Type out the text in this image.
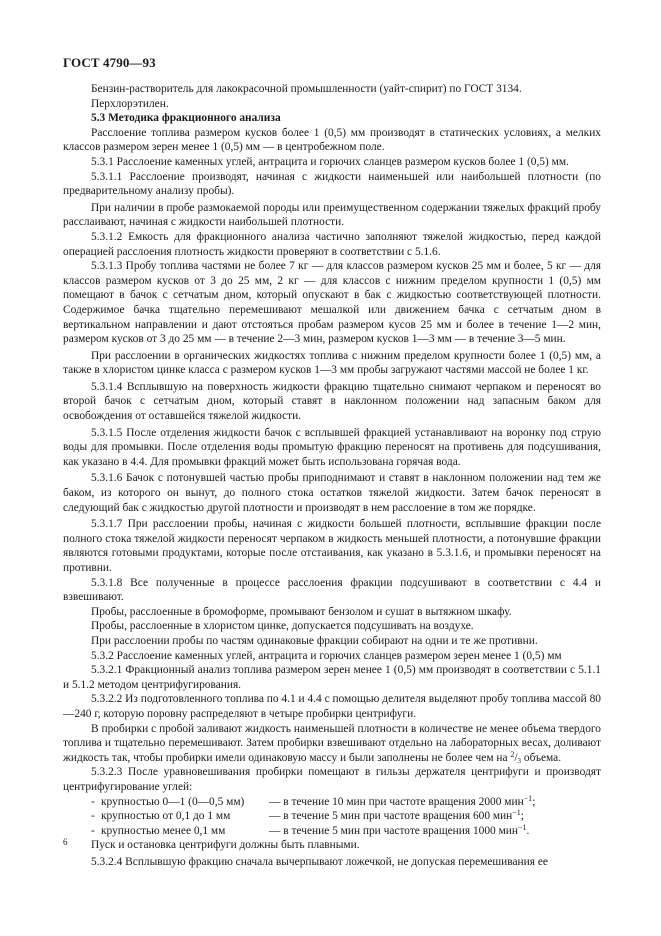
ГОСТ 4790—93

Бензин-растворитель для лакокрасочной промышленности (уайт-спирит) по ГОСТ 3134.

Перхлорэтилен.

5.3 Методика фракционного анализа

Расслоение топлива размером кусков более 1 (0,5) мм производят в статических условиях, а мелких классов размером зерен менее 1 (0,5) мм — в центробежном поле.

5.3.1 Расслоение каменных углей, антрацита и горючих сланцев размером кусков более 1 (0,5) мм.

5.3.1.1 Расслоение производят, начиная с жидкости наименьшей или наибольшей плотности (по предварительному анализу пробы).

При наличии в пробе размокаемой породы или преимущественном содержании тяжелых фракций пробу расслаивают, начиная с жидкости наибольшей плотности.

5.3.1.2 Емкость для фракционного анализа частично заполняют тяжелой жидкостью, перед каждой операцией расслоения плотность жидкости проверяют в соответствии с 5.1.6.

5.3.1.3 Пробу топлива частями не более 7 кг — для классов размером кусков 25 мм и более, 5 кг — для классов размером кусков от 3 до 25 мм, 2 кг — для классов с нижним пределом крупности 1 (0,5) мм помещают в бачок с сетчатым дном, который опускают в бак с жидкостью соответствующей плотности. Содержимое бачка тщательно перемешивают мешалкой или движением бачка с сетчатым дном в вертикальном направлении и дают отстояться пробам размером кусов 25 мм и более в течение 1—2 мин, размером кусков от 3 до 25 мм — в течение 2—3 мин, размером кусков 1—3 мм — в течение 3—5 мин.

При расслоении в органических жидкостях топлива с нижним пределом крупности более 1 (0,5) мм, а также в хлористом цинке класса с размером кусков 1—3 мм пробы загружают частями массой не более 1 кг.

5.3.1.4 Всплывшую на поверхность жидкости фракцию тщательно снимают черпаком и переносят во второй бачок с сетчатым дном, который ставят в наклонном положении над запасным баком для освобождения от оставшейся тяжелой жидкости.

5.3.1.5 После отделения жидкости бачок с всплывшей фракцией устанавливают на воронку под струю воды для промывки. После отделения воды промытую фракцию переносят на противень для подсушивания, как указано в 4.4. Для промывки фракций может быть использована горячая вода.

5.3.1.6 Бачок с потонувшей частью пробы приподнимают и ставят в наклонном положении над тем же баком, из которого он вынут, до полного стока остатков тяжелой жидкости. Затем бачок переносят в следующий бак с жидкостью другой плотности и производят в нем расслоение в том же порядке.

5.3.1.7 При расслоении пробы, начиная с жидкости большей плотности, всплывшие фракции после полного стока тяжелой жидкости переносят черпаком в жидкость меньшей плотности, а потонувшие фракции являются готовыми продуктами, которые после отстаивания, как указано в 5.3.1.6, и промывки переносят на противни.

5.3.1.8 Все полученные в процессе расслоения фракции подсушивают в соответствии с 4.4 и взвешивают.

Пробы, расслоенные в бромоформе, промывают бензолом и сушат в вытяжном шкафу.

Пробы, расслоенные в хлористом цинке, допускается подсушивать на воздухе.

При расслоении пробы по частям одинаковые фракции собирают на одни и те же противни.

5.3.2 Расслоение каменных углей, антрацита и горючих сланцев размером зерен менее 1 (0,5) мм

5.3.2.1 Фракционный анализ топлива размером зерен менее 1 (0,5) мм производят в соответствии с 5.1.1 и 5.1.2 методом центрифугирования.

5.3.2.2 Из подготовленного топлива по 4.1 и 4.4 с помощью делителя выделяют пробу топлива массой 80—240 г, которую поровну распределяют в четыре пробирки центрифуги.

В пробирки с пробой заливают жидкость наименьшей плотности в количестве не менее объема твердого топлива и тщательно перемешивают. Затем пробирки взвешивают отдельно на лабораторных весах, доливают жидкость так, чтобы пробирки имели одинаковую массу и были заполнены не более чем на $^2/_3$ объема.

5.3.2.3 После уравновешивания пробирки помещают в гильзы держателя центрифуги и производят центрифугирование углей:

- крупностью 0—1 (0—0,5 мм)	— в течение 10 мин при частоте вращения 2000 мин$^{-1}$;
- крупностью от 0,1 до 1 мм	— в течение 5 мин при частоте вращения 600 мин$^{-1}$;
- крупностью менее 0,1 мм	— в течение 5 мин при частоте вращения 1000 мин$^{-1}$.

Пуск и остановка центрифуги должны быть плавными.

5.3.2.4 Всплывшую фракцию сначала вычерпывают ложечкой, не допуская перемешивания ее

6
